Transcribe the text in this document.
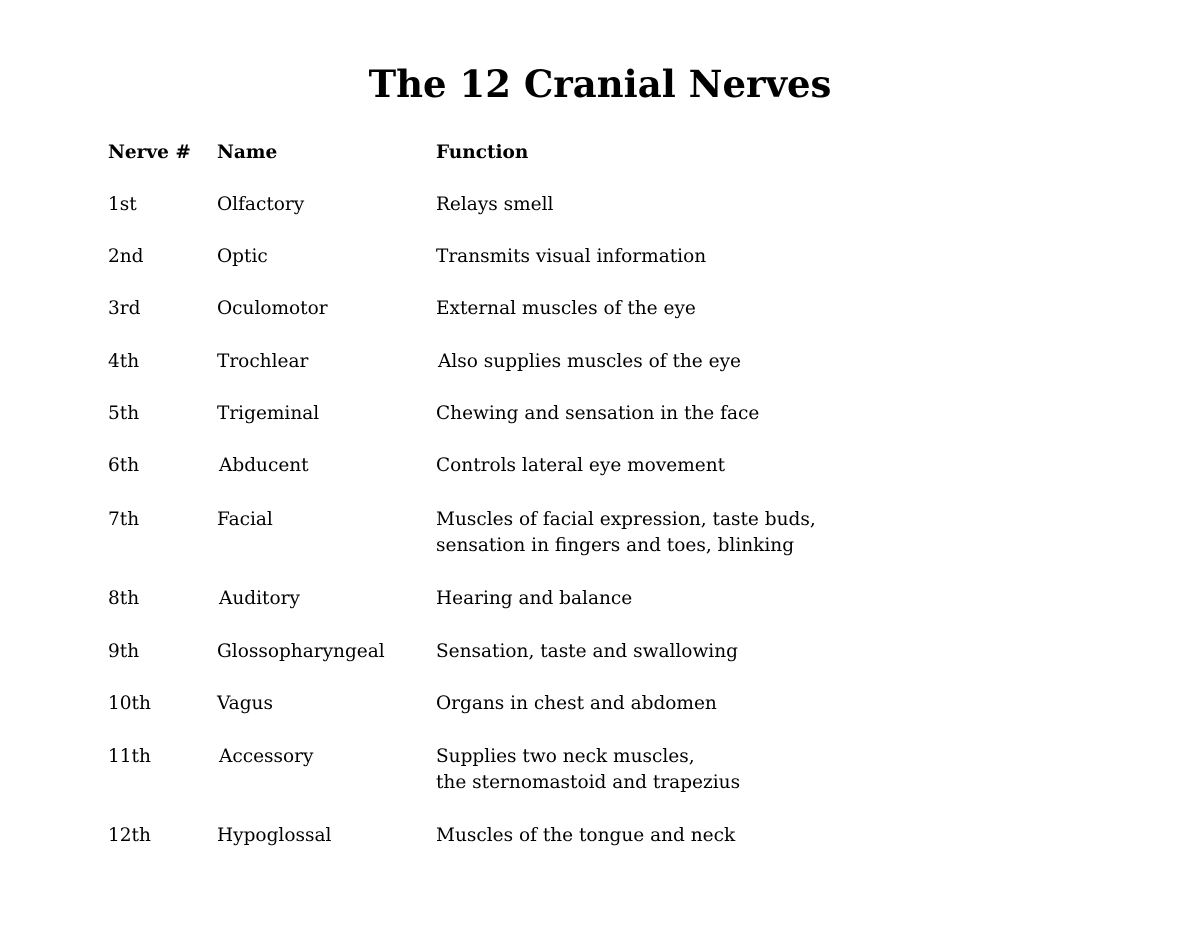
The 12 Cranial Nerves
Nerve # Name	Function
1st	Olfactory	Relays smell
2nd	Optic	Transmits visual information
3rd	Oculomotor	External muscles of the eye
4th	Trochlear	Also supplies muscles of the eye
5th	Trigeminal	Chewing and sensation in the face
6th	Abducent	Controls lateral eye movement
7th	Facial	Muscles of facial expression, taste buds,
sensation in fingers and toes, blinking
8th	Auditory	Hearing and balance
9th	Glossopharyngeal	Sensation, taste and swallowing
10th	Vagus	Organs in chest and abdomen
11th	Accessory	Supplies two neck muscles,
the sternomastoid and trapezius
12th	Hypoglossal	Muscles of the tongue and neck
